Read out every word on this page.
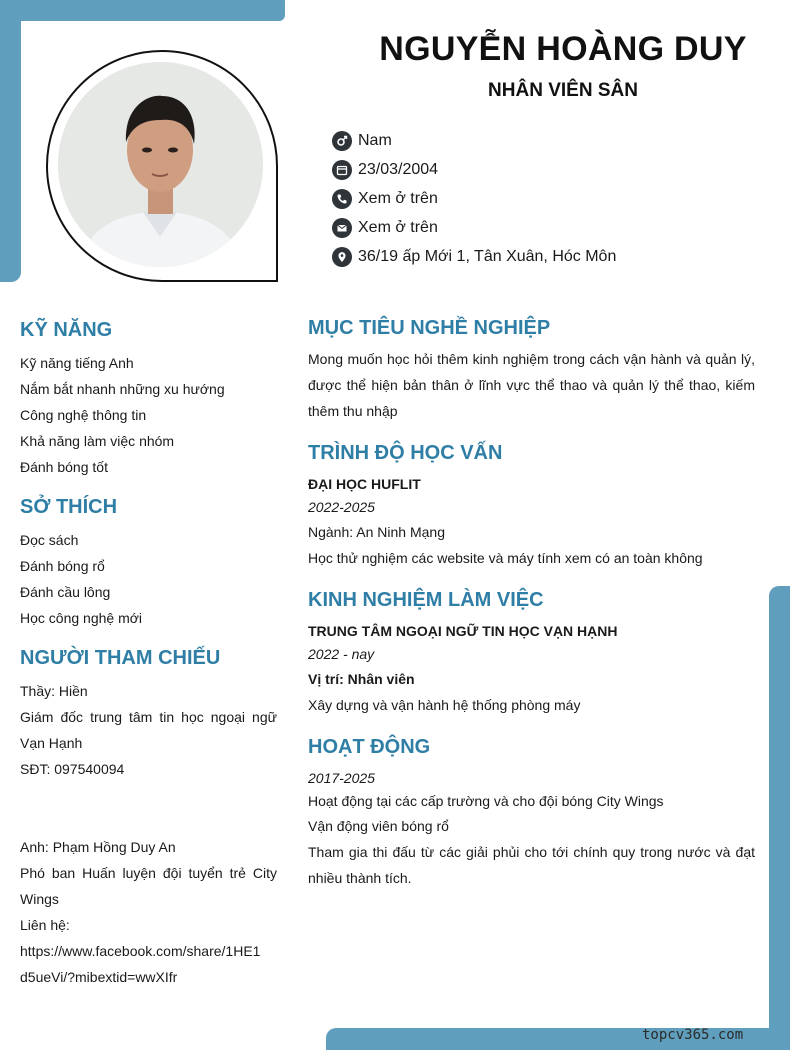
NGUYỄN HOÀNG DUY
NHÂN VIÊN SÂN
Nam
23/03/2004
Xem ở trên
Xem ở trên
36/19 ấp Mới 1, Tân Xuân, Hóc Môn
KỸ NĂNG
Kỹ năng tiếng Anh
Nắm bắt nhanh những xu hướng
Công nghệ thông tin
Khả năng làm việc nhóm
Đánh bóng tốt
SỞ THÍCH
Đọc sách
Đánh bóng rổ
Đánh cầu lông
Học công nghệ mới
NGƯỜI THAM CHIẾU
Thầy: Hiền
Giám đốc trung tâm tin học ngoại ngữ Vạn Hạnh
SĐT: 097540094
Anh: Phạm Hồng Duy An
Phó ban Huấn luyện đội tuyển trẻ City Wings
Liên hệ:
https://www.facebook.com/share/1HE1
d5ueVi/?mibextid=wwXIfr
MỤC TIÊU NGHỀ NGHIỆP
Mong muốn học hỏi thêm kinh nghiệm trong cách vận hành và quản lý, được thể hiện bản thân ở lĩnh vực thể thao và quản lý thể thao, kiếm thêm thu nhập
TRÌNH ĐỘ HỌC VẤN
ĐẠI HỌC HUFLIT
2022-2025
Ngành: An Ninh Mạng
Học thử nghiệm các website và máy tính xem có an toàn không
KINH NGHIỆM LÀM VIỆC
TRUNG TÂM NGOẠI NGỮ TIN HỌC VẠN HẠNH
2022 - nay
Vị trí: Nhân viên
Xây dựng và vận hành hệ thống phòng máy
HOẠT ĐỘNG
2017-2025
Hoạt động tại các cấp trường và cho đội bóng City Wings
Vận động viên bóng rổ
Tham gia thi đấu từ các giải phủi cho tới chính quy trong nước và đạt nhiều thành tích.
topcv365.com
